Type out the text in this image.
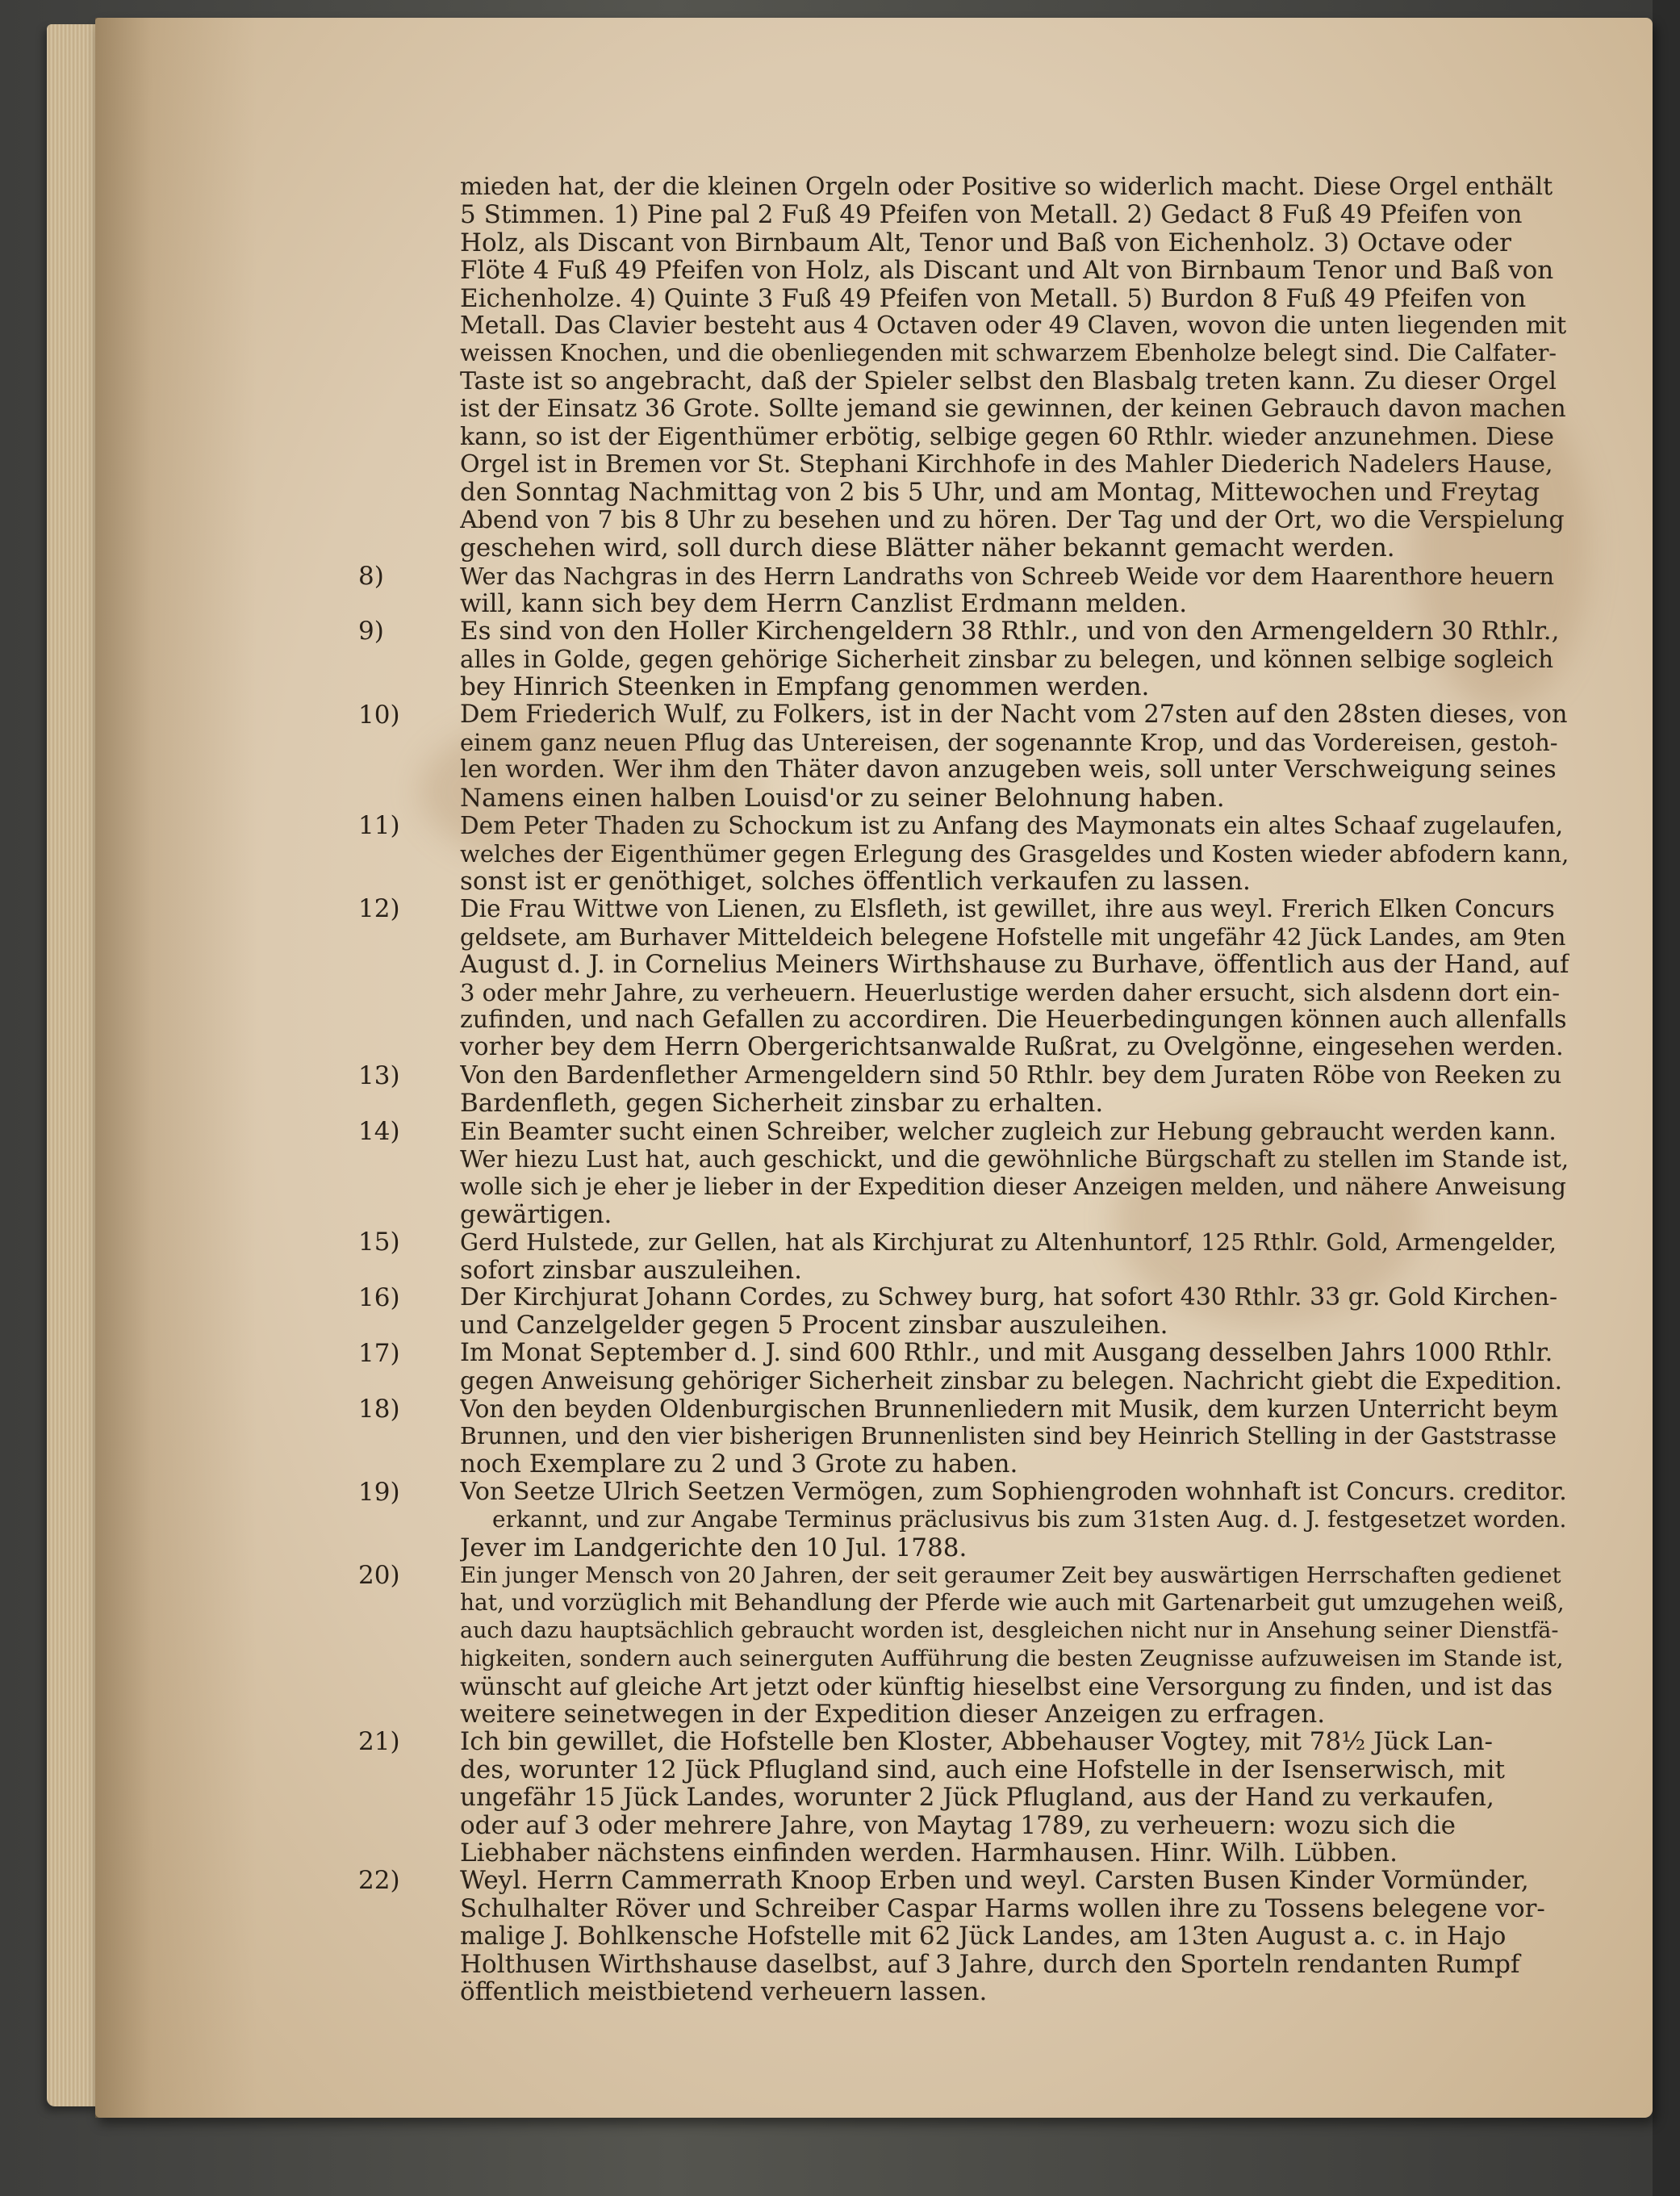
mieden hat, der die kleinen Orgeln oder Positive so widerlich macht. Diese Orgel enthält
5 Stimmen. 1) Pine pal 2 Fuß 49 Pfeifen von Metall. 2) Gedact 8 Fuß 49 Pfeifen von
Holz, als Discant von Birnbaum Alt, Tenor und Baß von Eichenholz. 3) Octave oder
Flöte 4 Fuß 49 Pfeifen von Holz, als Discant und Alt von Birnbaum Tenor und Baß von
Eichenholze. 4) Quinte 3 Fuß 49 Pfeifen von Metall. 5) Burdon 8 Fuß 49 Pfeifen von
Metall. Das Clavier besteht aus 4 Octaven oder 49 Claven, wovon die unten liegenden mit
weissen Knochen, und die obenliegenden mit schwarzem Ebenholze belegt sind. Die Calfater-
Taste ist so angebracht, daß der Spieler selbst den Blasbalg treten kann. Zu dieser Orgel
ist der Einsatz 36 Grote. Sollte jemand sie gewinnen, der keinen Gebrauch davon machen
kann, so ist der Eigenthümer erbötig, selbige gegen 60 Rthlr. wieder anzunehmen. Diese
Orgel ist in Bremen vor St. Stephani Kirchhofe in des Mahler Diederich Nadelers Hause,
den Sonntag Nachmittag von 2 bis 5 Uhr, und am Montag, Mittewochen und Freytag
Abend von 7 bis 8 Uhr zu besehen und zu hören. Der Tag und der Ort, wo die Verspielung
geschehen wird, soll durch diese Blätter näher bekannt gemacht werden.
8)	Wer das Nachgras in des Herrn Landraths von Schreeb Weide vor dem Haarenthore heuern
will, kann sich bey dem Herrn Canzlist Erdmann melden.
9)	Es sind von den Holler Kirchengeldern 38 Rthlr., und von den Armengeldern 30 Rthlr.,
alles in Golde, gegen gehörige Sicherheit zinsbar zu belegen, und können selbige sogleich
bey Hinrich Steenken in Empfang genommen werden.
10) Dem Friederich Wulf, zu Folkers, ist in der Nacht vom 27sten auf den 28sten dieses, von
einem ganz neuen Pflug das Untereisen, der sogenannte Krop, und das Vordereisen, gestoh-
len worden. Wer ihm den Thäter davon anzugeben weis, soll unter Verschweigung seines
Namens einen halben Louisd'or zu seiner Belohnung haben.
11)	Dem Peter Thaden zu Schockum ist zu Anfang des Maymonats ein altes Schaaf zugelaufen,
welches der Eigenthümer gegen Erlegung des Grasgeldes und Kosten wieder abfodern kann,
sonst ist er genöthiget, solches öffentlich verkaufen zu lassen.
12)	Die Frau Wittwe von Lienen, zu Elsfleth, ist gewillet, ihre aus weyl. Frerich Elken Concurs
geldsete, am Burhaver Mitteldeich belegene Hofstelle mit ungefähr 42 Jück Landes, am 9ten
August d. J. in Cornelius Meiners Wirthshause zu Burhave, öffentlich aus der Hand, auf
3 oder mehr Jahre, zu verheuern. Heuerlustige werden daher ersucht, sich alsdenn dort ein-
zufinden, und nach Gefallen zu accordiren. Die Heuerbedingungen können auch allenfalls
vorher bey dem Herrn Obergerichtsanwalde Rußrat, zu Ovelgönne, eingesehen werden.
13) Von den Bardenflether Armengeldern sind 50 Rthlr. bey dem Juraten Röbe von Reeken zu
Bardenfleth, gegen Sicherheit zinsbar zu erhalten.
14)	Ein Beamter sucht einen Schreiber, welcher zugleich zur Hebung gebraucht werden kann.
Wer hiezu Lust hat, auch geschickt, und die gewöhnliche Bürgschaft zu stellen im Stande ist,
wolle sich je eher je lieber in der Expedition dieser Anzeigen melden, und nähere Anweisung
gewärtigen.
15)	Gerd Hulstede, zur Gellen, hat als Kirchjurat zu Altenhuntorf, 125 Rthlr. Gold, Armengelder,
sofort zinsbar auszuleihen.
16) Der Kirchjurat Johann Cordes, zu Schwey burg, hat sofort 430 Rthlr. 33 gr. Gold Kirchen-
und Canzelgelder gegen 5 Procent zinsbar auszuleihen.
17) Im Monat September d. J. sind 600 Rthlr., und mit Ausgang desselben Jahrs 1000 Rthlr.
gegen Anweisung gehöriger Sicherheit zinsbar zu belegen. Nachricht giebt die Expedition.
18)	Von den beyden Oldenburgischen Brunnenliedern mit Musik, dem kurzen Unterricht beym
Brunnen, und den vier bisherigen Brunnenlisten sind bey Heinrich Stelling in der Gaststrasse
noch Exemplare zu 2 und 3 Grote zu haben.
19) Von Seetze Ulrich Seetzen Vermögen, zum Sophiengroden wohnhaft ist Concurs. creditor.
erkannt, und zur Angabe Terminus präclusivus bis zum 31sten Aug. d. J. festgesetzet worden.
Jever im Landgerichte den 10 Jul. 1788.
20)	Ein junger Mensch von 20 Jahren, der seit geraumer Zeit bey auswärtigen Herrschaften gedienet
hat, und vorzüglich mit Behandlung der Pferde wie auch mit Gartenarbeit gut umzugehen weiß,
auch dazu hauptsächlich gebraucht worden ist, desgleichen nicht nur in Ansehung seiner Dienstfä-
higkeiten, sondern auch seinerguten Aufführung die besten Zeugnisse aufzuweisen im Stande ist,
wünscht auf gleiche Art jetzt oder künftig hieselbst eine Versorgung zu finden, und ist das
weitere seinetwegen in der Expedition dieser Anzeigen zu erfragen.
21) Ich bin gewillet, die Hofstelle ben Kloster, Abbehauser Vogtey, mit 78½ Jück Lan-
des, worunter 12 Jück Pflugland sind, auch eine Hofstelle in der Isenserwisch, mit
ungefähr 15 Jück Landes, worunter 2 Jück Pflugland, aus der Hand zu verkaufen,
oder auf 3 oder mehrere Jahre, von Maytag 1789, zu verheuern: wozu sich die
Liebhaber nächstens einfinden werden. Harmhausen. Hinr. Wilh. Lübben.
22) Weyl. Herrn Cammerrath Knoop Erben und weyl. Carsten Busen Kinder Vormünder,
Schulhalter Röver und Schreiber Caspar Harms wollen ihre zu Tossens belegene vor-
malige J. Bohlkensche Hofstelle mit 62 Jück Landes, am 13ten August a. c. in Hajo
Holthusen Wirthshause daselbst, auf 3 Jahre, durch den Sporteln rendanten Rumpf
öffentlich meistbietend verheuern lassen.
